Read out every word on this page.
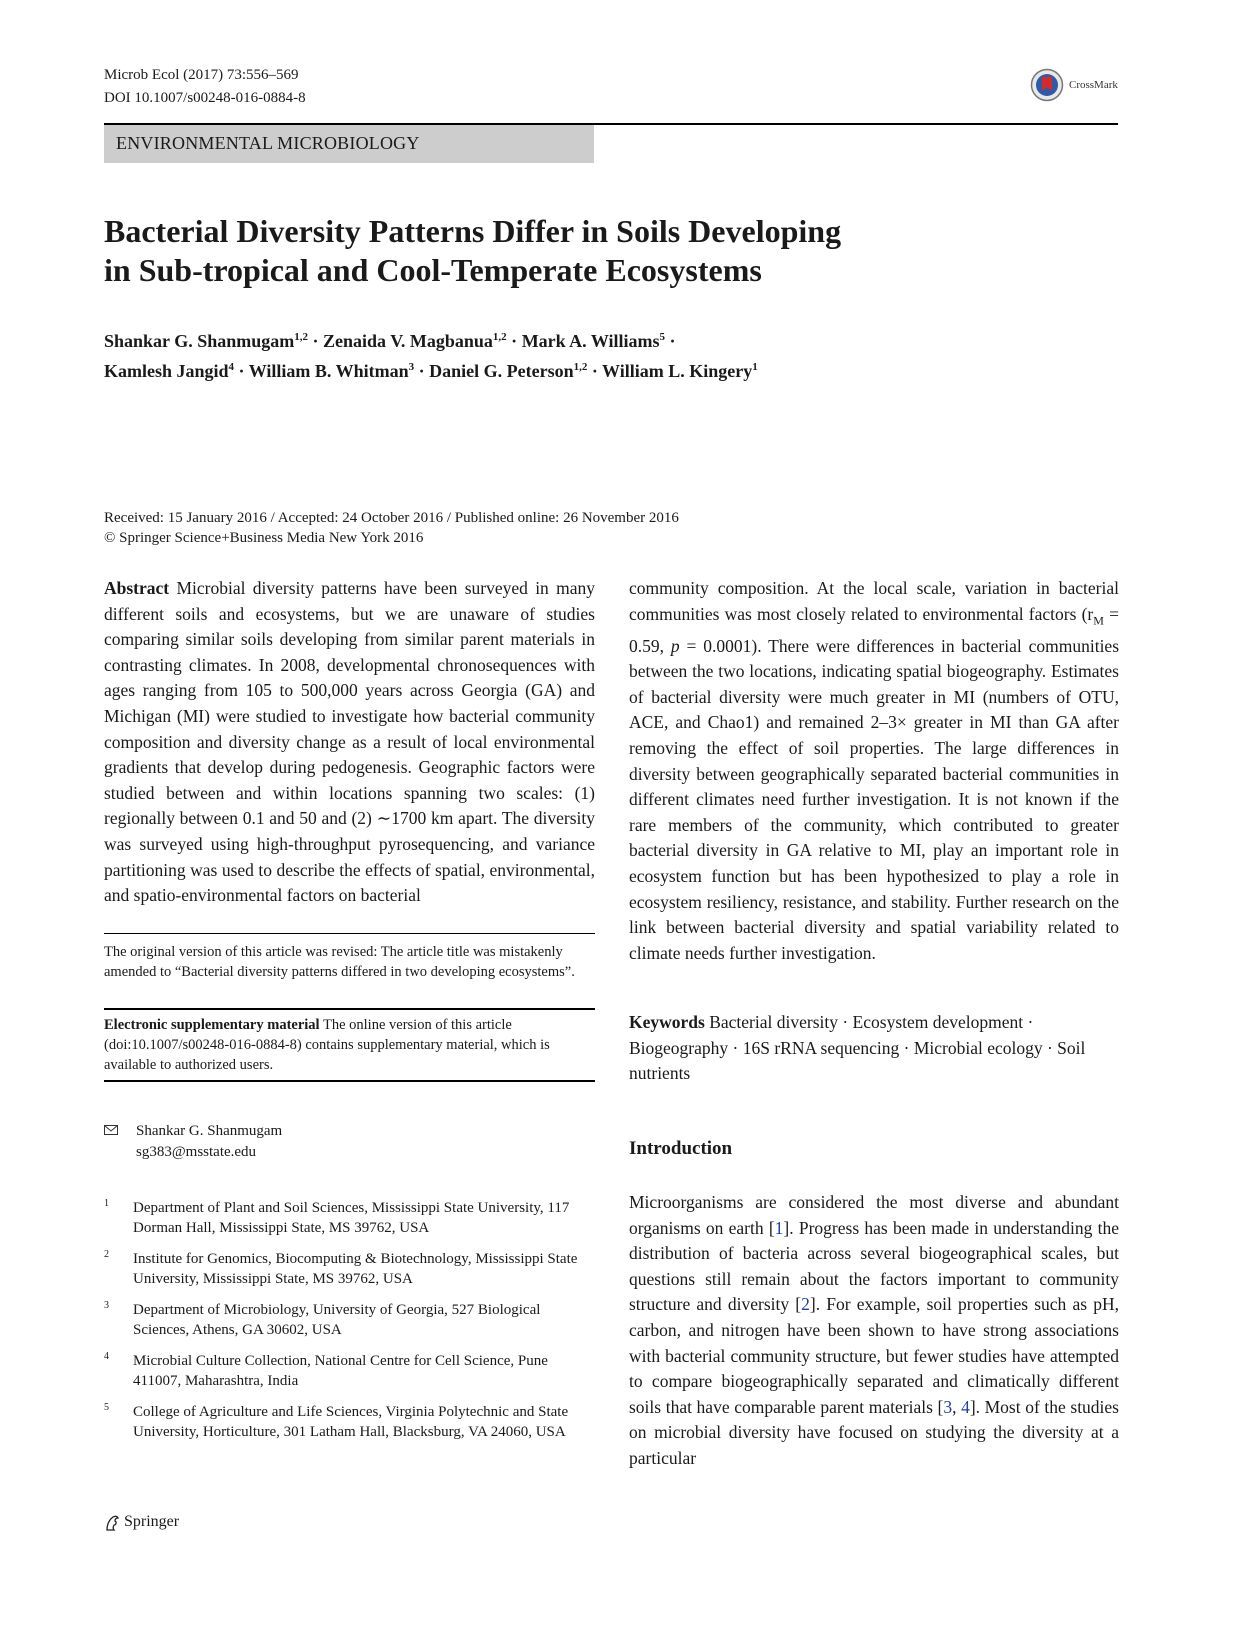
Microb Ecol (2017) 73:556–569
DOI 10.1007/s00248-016-0884-8
CrossMark
ENVIRONMENTAL MICROBIOLOGY
Bacterial Diversity Patterns Differ in Soils Developing
in Sub-tropical and Cool-Temperate Ecosystems
Shankar G. Shanmugam$^{1,2}$ · Zenaida V. Magbanua$^{1,2}$ · Mark A. Williams$^5$ ·
Kamlesh Jangid$^4$ · William B. Whitman$^3$ · Daniel G. Peterson$^{1,2}$ · William L. Kingery$^1$
Received: 15 January 2016 / Accepted: 24 October 2016 / Published online: 26 November 2016
© Springer Science+Business Media New York 2016

Abstract Microbial diversity patterns have been surveyed in many different soils and ecosystems, but we are unaware of studies comparing similar soils developing from similar parent materials in contrasting climates. In 2008, developmental chronosequences with ages ranging from 105 to 500,000 years across Georgia (GA) and Michigan (MI) were studied to investigate how bacterial community composition and diversity change as a result of local environmental gradients that develop during pedogenesis. Geographic factors were studied between and within locations spanning two scales: (1) regionally between 0.1 and 50 and (2) ∼1700 km apart. The diversity was surveyed using high-throughput pyrosequencing, and variance partitioning was used to describe the effects of spatial, environmental, and spatio-environmental factors on bacterial

The original version of this article was revised: The article title was mistakenly amended to “Bacterial diversity patterns differed in two developing ecosystems”.
Electronic supplementary material The online version of this article (doi:10.1007/s00248-016-0884-8) contains supplementary material, which is available to authorized users.
Shankar G. Shanmugam
sg383@msstate.edu
1 Department of Plant and Soil Sciences, Mississippi State University, 117 Dorman Hall, Mississippi State, MS 39762, USA
2 Institute for Genomics, Biocomputing & Biotechnology, Mississippi State University, Mississippi State, MS 39762, USA
3 Department of Microbiology, University of Georgia, 527 Biological Sciences, Athens, GA 30602, USA
4 Microbial Culture Collection, National Centre for Cell Science, Pune 411007, Maharashtra, India
5 College of Agriculture and Life Sciences, Virginia Polytechnic and State University, Horticulture, 301 Latham Hall, Blacksburg, VA 24060, USA

community composition. At the local scale, variation in bacterial communities was most closely related to environmental factors ($r_M = 0.59$, p = 0.0001). There were differences in bacterial communities between the two locations, indicating spatial biogeography. Estimates of bacterial diversity were much greater in MI (numbers of OTU, ACE, and Chao1) and remained 2–3× greater in MI than GA after removing the effect of soil properties. The large differences in diversity between geographically separated bacterial communities in different climates need further investigation. It is not known if the rare members of the community, which contributed to greater bacterial diversity in GA relative to MI, play an important role in ecosystem function but has been hypothesized to play a role in ecosystem resiliency, resistance, and stability. Further research on the link between bacterial diversity and spatial variability related to climate needs further investigation.

Keywords Bacterial diversity · Ecosystem development · Biogeography · 16S rRNA sequencing · Microbial ecology · Soil nutrients
Introduction
Microorganisms are considered the most diverse and abundant organisms on earth [1]. Progress has been made in understanding the distribution of bacteria across several biogeographical scales, but questions still remain about the factors important to community structure and diversity [2]. For example, soil properties such as pH, carbon, and nitrogen have been shown to have strong associations with bacterial community structure, but fewer studies have attempted to compare biogeographically separated and climatically different soils that have comparable parent materials [3, 4]. Most of the studies on microbial diversity have focused on studying the diversity at a particular
Springer
